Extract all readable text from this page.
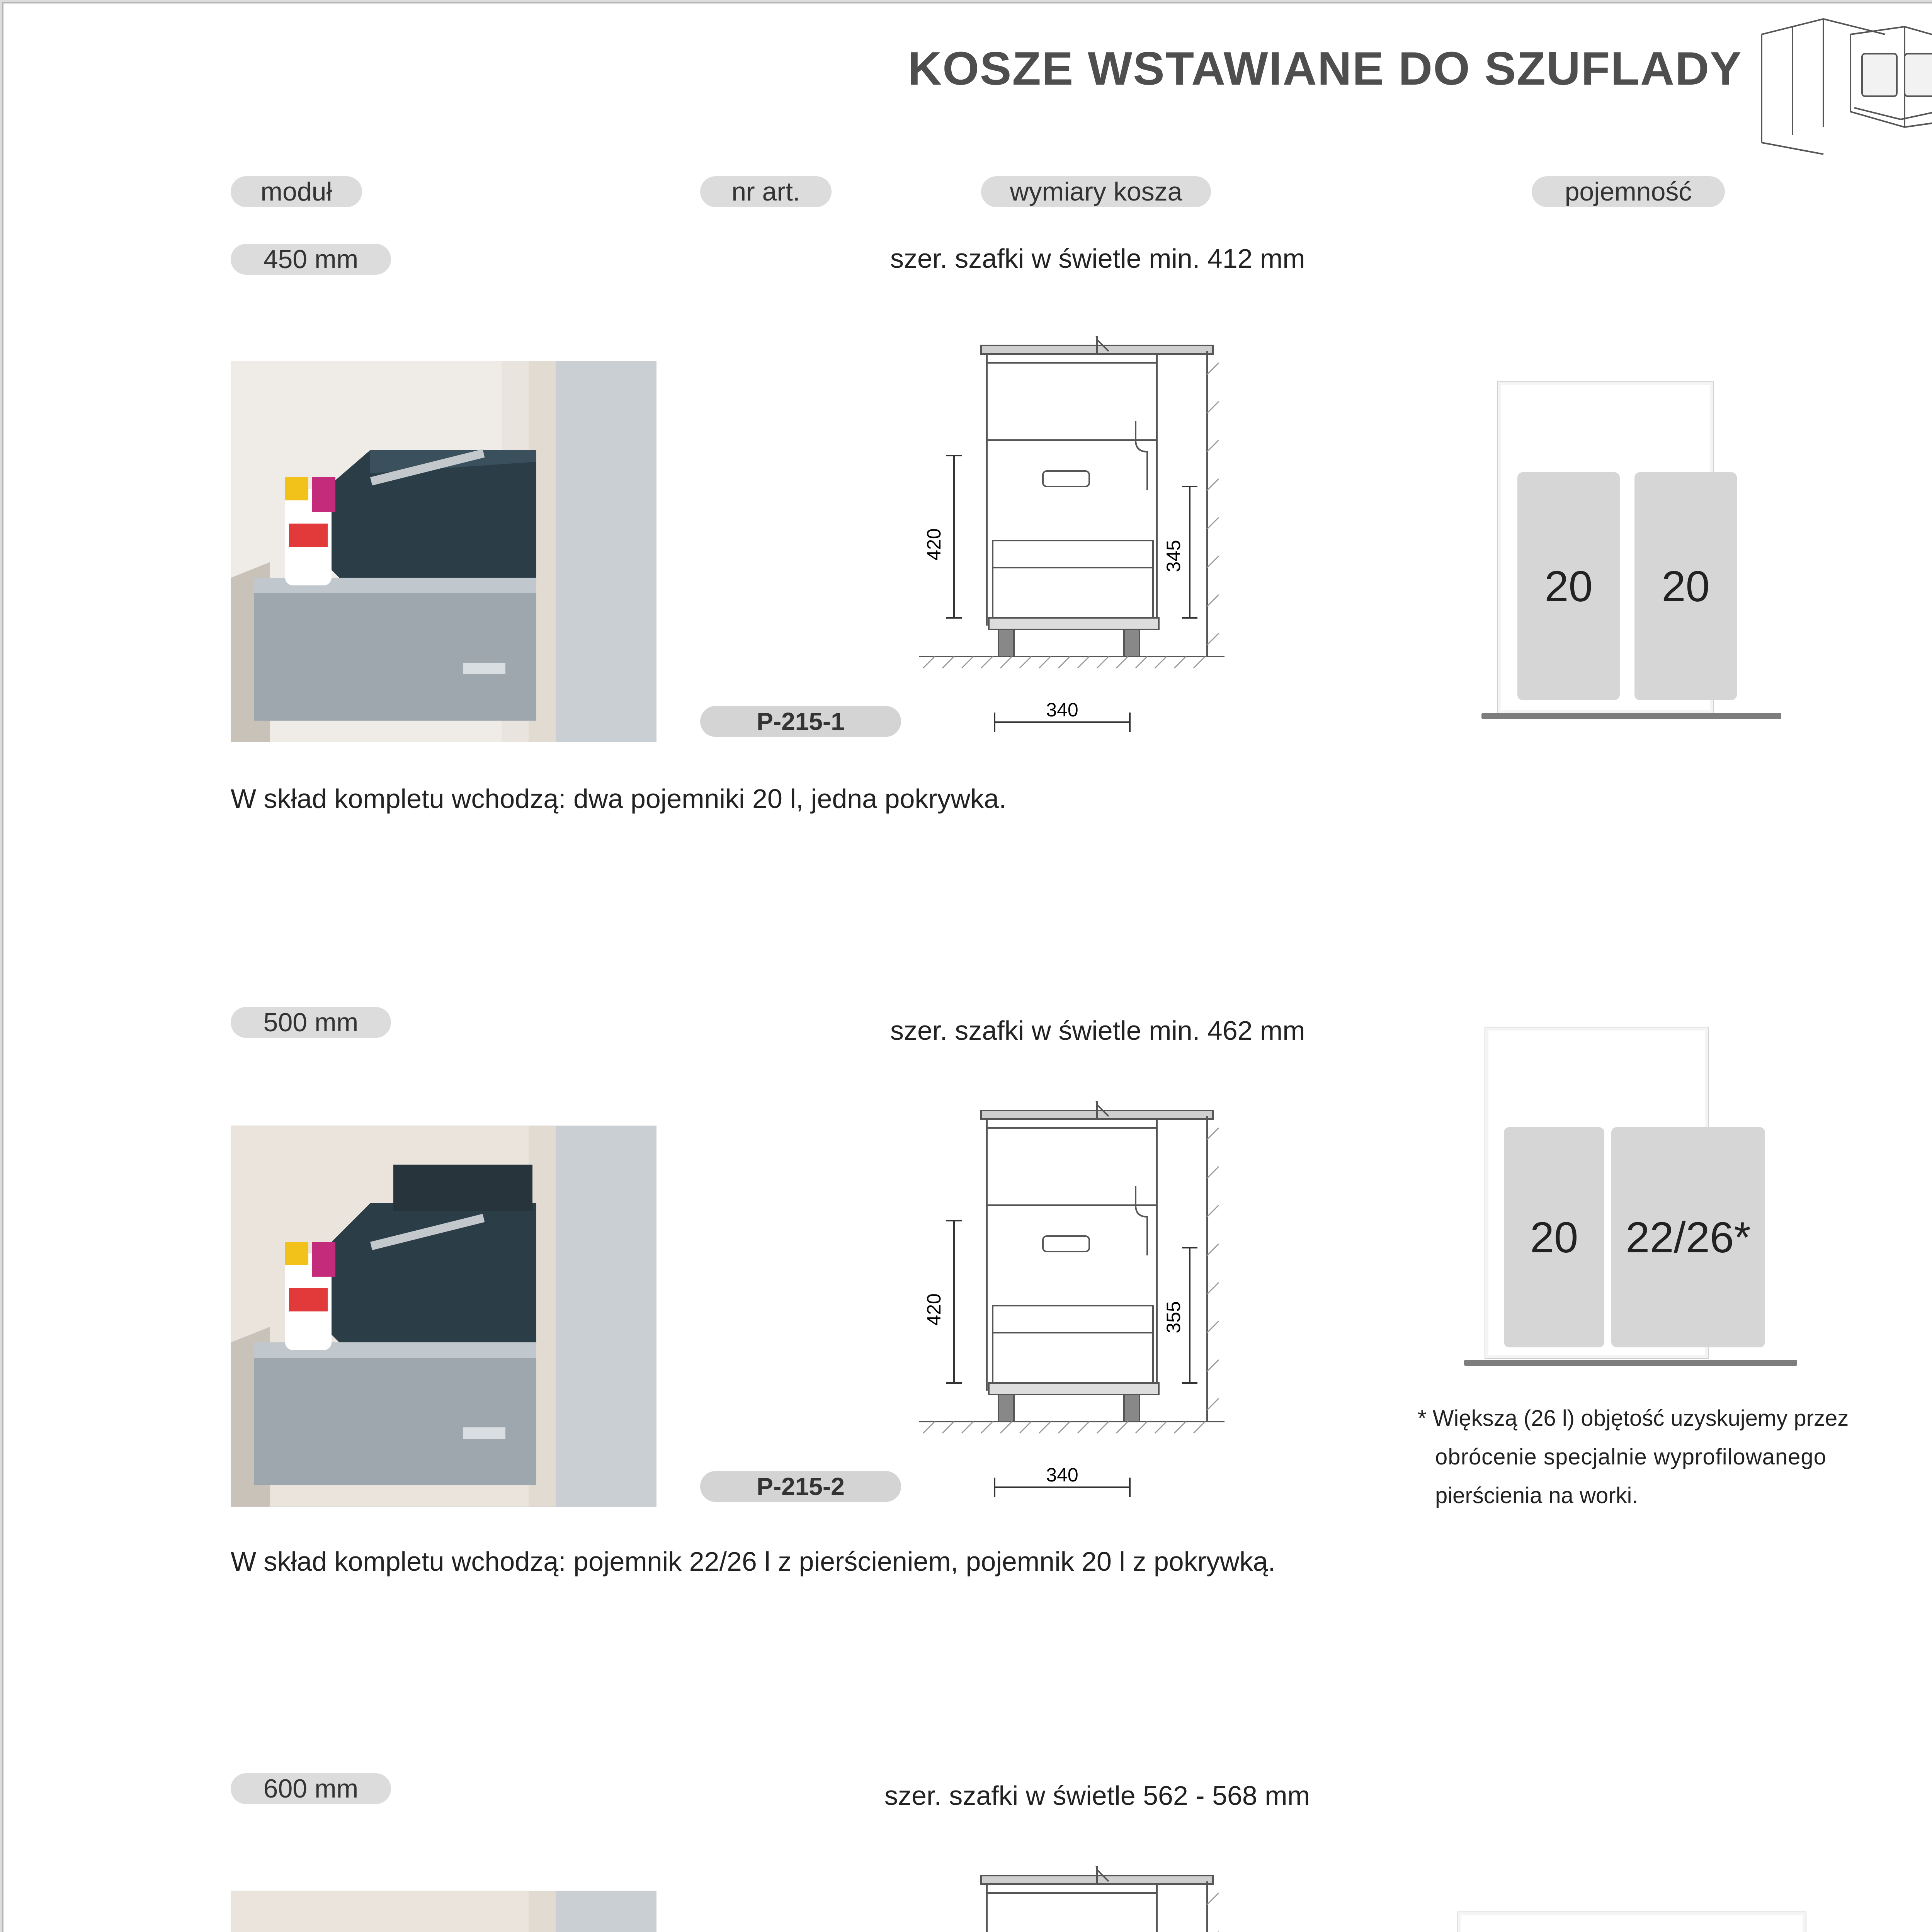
KOSZE WSTAWIANE DO SZUFLADY
moduł	nr art.	wymiary kosza	pojemność
450 mm	szer. szafki w świetle min. 412 mm
P-215-1
420	345
340
20	20
W skład kompletu wchodzą: dwa pojemniki 20 l, jedna pokrywka.
500 mm	szer. szafki w świetle min. 462 mm
P-215-2
420	355
340
20	22/26*
* Większą (26 l) objętość uzyskujemy przez
obrócenie specjalnie wyprofilowanego
pierścienia na worki.
W skład kompletu wchodzą: pojemnik 22/26 l z pierścieniem, pojemnik 20 l z pokrywką.
600 mm	szer. szafki w świetle 562 - 568 mm
